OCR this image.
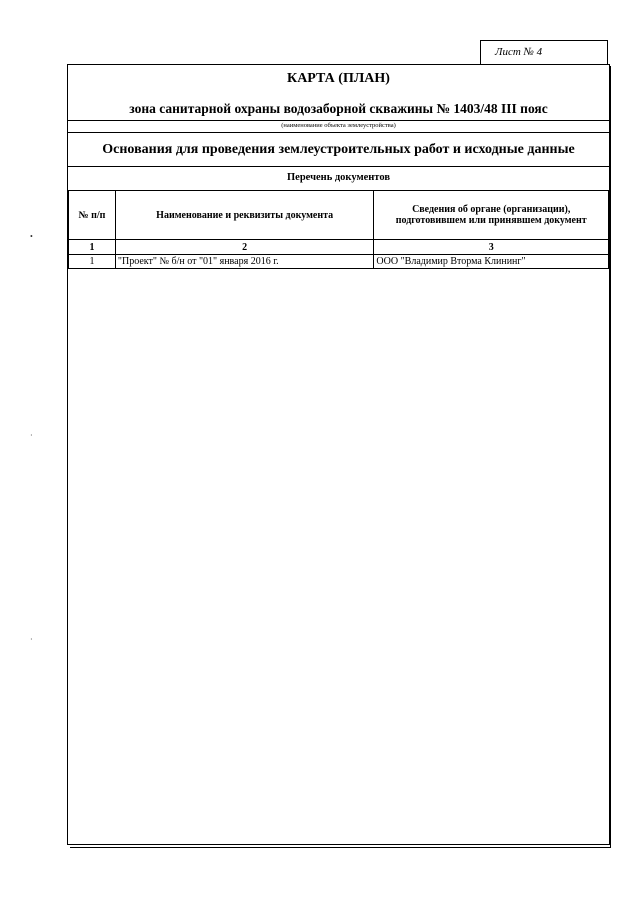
Лист № 4
КАРТА (ПЛАН)
зона санитарной охраны водозаборной скважины № 1403/48 III пояс
(наименование объекта землеустройства)
Основания для проведения землеустроительных работ и исходные данные
Перечень документов
№ п/п	Наименование и реквизиты документа	Сведения об органе (организации), подготовившем или принявшем документ
1	2	3
1	"Проект" № б/н от "01" января 2016 г.	ООО "Владимир Вторма Клининг"
•
·
·
